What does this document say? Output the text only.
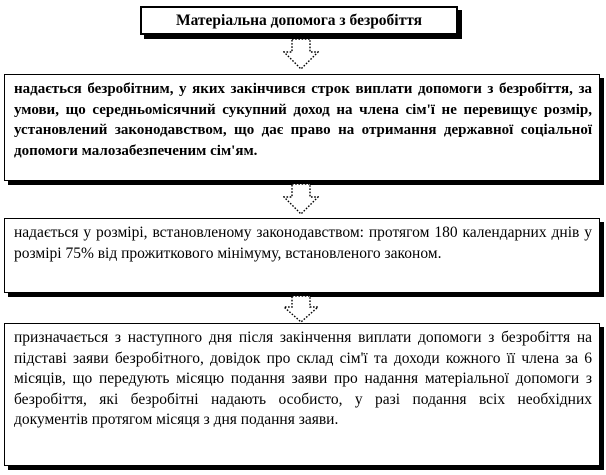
Матеріальна допомога з безробіття
надається безробітним, у яких закінчився строк виплати допомоги з безробіття, за умови, що середньомісячний сукупний доход на члена сім'ї не перевищує розмір, установлений законодавством, що дає право на отримання державної соціальної допомоги малозабезпеченим сім'ям.
надається у розмірі, встановленому законодавством: протягом 180 календарних днів у розмірі 75% від прожиткового мінімуму, встановленого законом.
призначається з наступного дня після закінчення виплати допомоги з безробіття на підставі заяви безробітного, довідок про склад сім'ї та доходи кожного її члена за 6 місяців, що передують місяцю подання заяви про надання матеріальної допомоги з безробіття, які безробітні надають особисто, у разі подання всіх необхідних документів протягом місяця з дня подання заяви.
